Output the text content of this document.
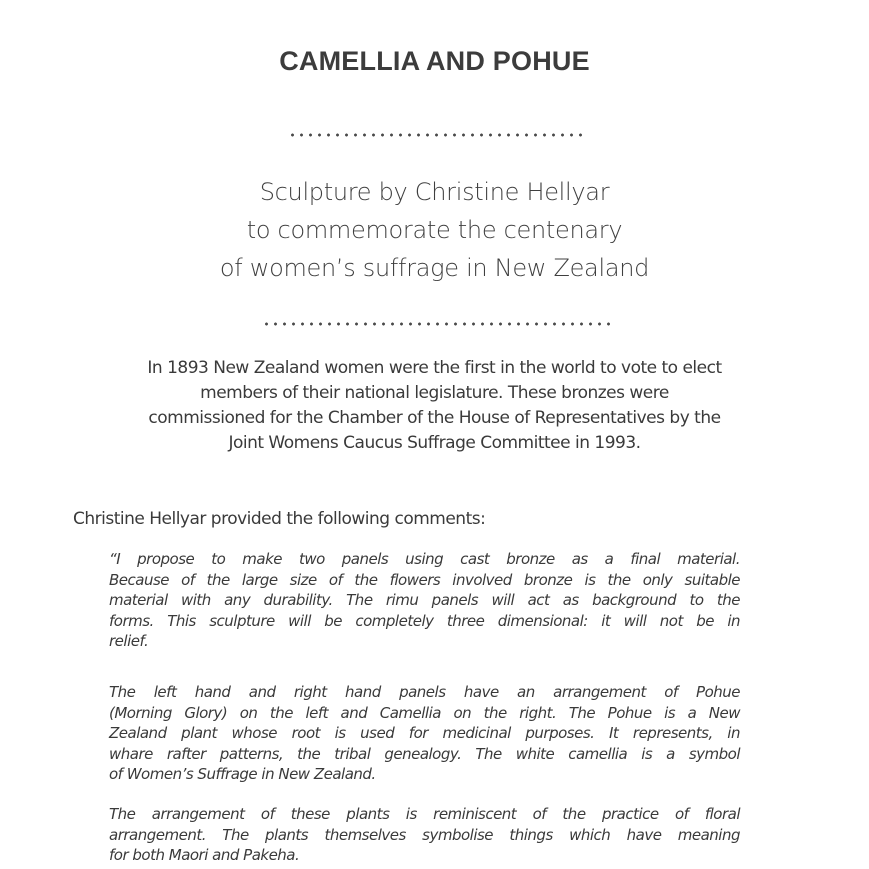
CAMELLIA AND POHUE
Sculpture by Christine Hellyar
to commemorate the centenary
of women’s suffrage in New Zealand
In 1893 New Zealand women were the first in the world to vote to elect
members of their national legislature. These bronzes were
commissioned for the Chamber of the House of Representatives by the
Joint Womens Caucus Suffrage Committee in 1993.
Christine Hellyar provided the following comments:
“I propose to make two panels using cast bronze as a final material.
Because of the large size of the flowers involved bronze is the only suitable
material with any durability. The rimu panels will act as background to the
forms. This sculpture will be completely three dimensional: it will not be in
relief.
The left hand and right hand panels have an arrangement of Pohue
(Morning Glory) on the left and Camellia on the right. The Pohue is a New
Zealand plant whose root is used for medicinal purposes. It represents, in
whare rafter patterns, the tribal genealogy. The white camellia is a symbol
of Women’s Suffrage in New Zealand.
The arrangement of these plants is reminiscent of the practice of floral
arrangement. The plants themselves symbolise things which have meaning
for both Maori and Pakeha.
